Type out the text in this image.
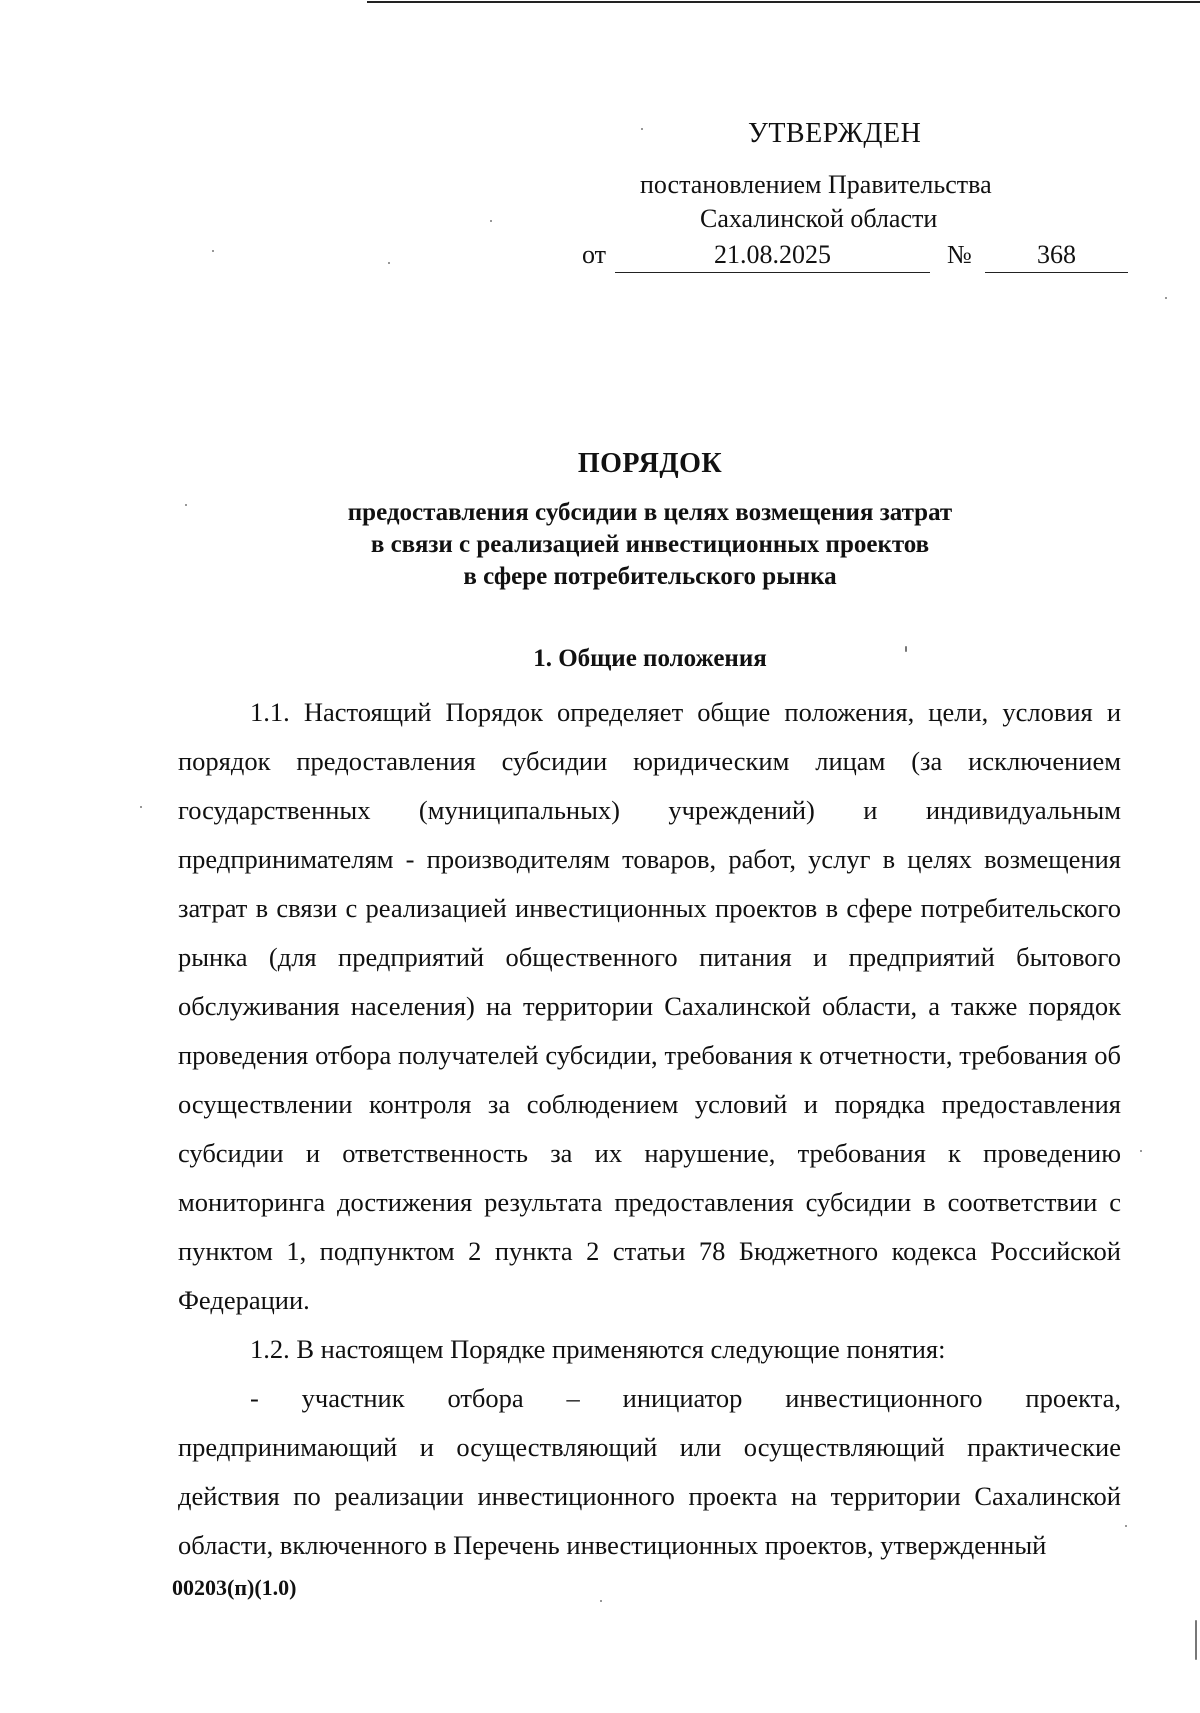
УТВЕРЖДЕН
постановлением Правительства
Сахалинской области
от	21.08.2025	№	368
ПОРЯДОК
предоставления субсидии в целях возмещения затрат
в связи с реализацией инвестиционных проектов
в сфере потребительского рынка
1. Общие положения

1.1. Настоящий Порядок определяет общие положения, цели, условия и порядок предоставления субсидии юридическим лицам (за исключением государственных (муниципальных) учреждений) и индивидуальным предпринимателям - производителям товаров, работ, услуг в целях возмещения затрат в связи с реализацией инвестиционных проектов в сфере потребительского рынка (для предприятий общественного питания и предприятий бытового обслуживания населения) на территории Сахалинской области, а также порядок проведения отбора получателей субсидии, требования к отчетности, требования об осуществлении контроля за соблюдением условий и порядка предоставления субсидии и ответственность за их нарушение, требования к проведению мониторинга достижения результата предоставления субсидии в соответствии с пунктом 1, подпунктом 2 пункта 2 статьи 78 Бюджетного кодекса Российской Федерации.

1.2. В настоящем Порядке применяются следующие понятия:

- участник отбора – инициатор инвестиционного проекта, предпринимающий и осуществляющий или осуществляющий практические действия по реализации инвестиционного проекта на территории Сахалинской области, включенного в Перечень инвестиционных проектов, утвержденный

00203(п)(1.0)
